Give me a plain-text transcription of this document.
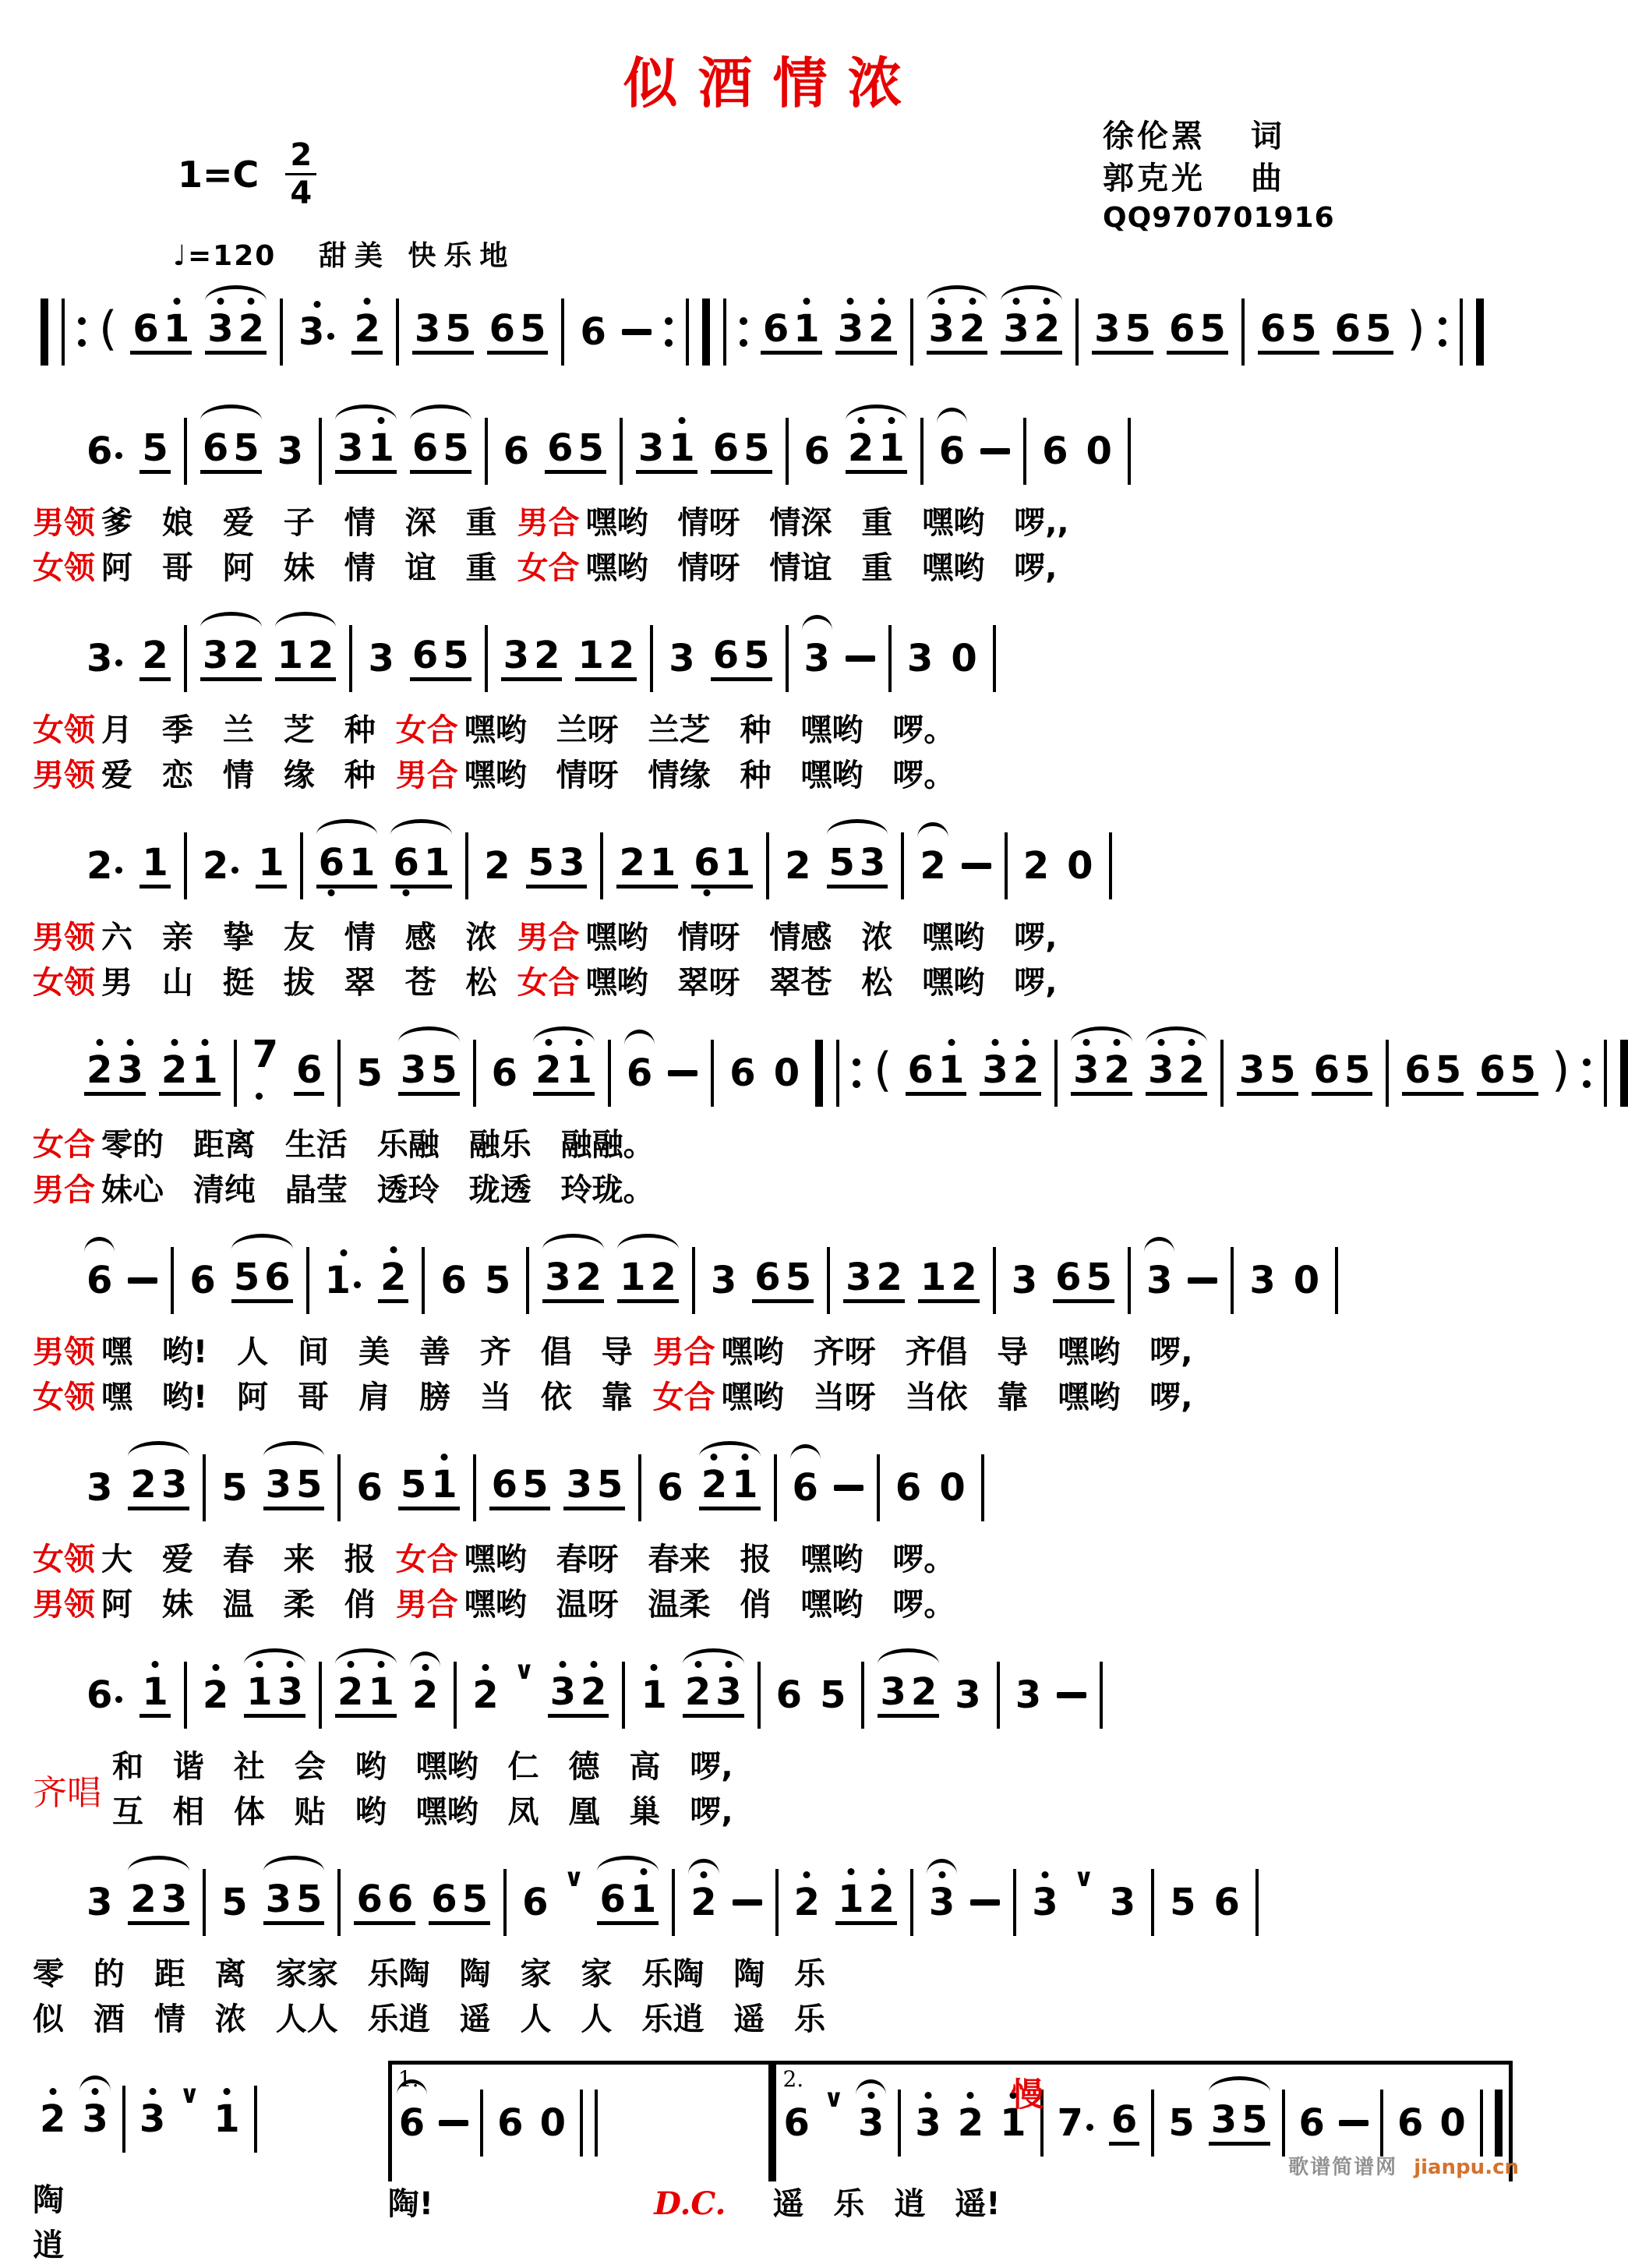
似酒情浓
$1=C \frac{2}{4}$
♩=120 甜美 快乐地
徐伦罴 词
郭克光 曲
QQ970701916
( 6 1 3 2 3 2 3 5 6 5 6	6 1 3 2 3 2 3 2 3 5 6 5 6 5 6 5 )
6 5 6 5 3 3 1 6 5 6 6 5 3 1 6 5 6 2 1 6 6 0
男领 爹 娘 爱 子 情 深 重 男合 嘿哟 情呀 情深 重 嘿哟 啰,,
女领 阿 哥 阿 妹 情 谊 重 女合 嘿哟 情呀 情谊 重 嘿哟 啰,
3 2 3 2 1 2 3 6 5 3 2 1 2 3 6 5 3 3 0
女领 月 季 兰 芝 种 女合 嘿哟 兰呀 兰芝 种 嘿哟 啰。
男领 爱 恋 情 缘 种 男合 嘿哟 情呀 情缘 种 嘿哟 啰。
2 1 2 1 6 1 6 1 2 5 3 2 1 6 1 2 5 3 2 2 0
男领 六 亲 挚 友 情 感 浓 男合 嘿哟 情呀 情感 浓 嘿哟 啰,
女领 男 山 挺 拔 翠 苍 松 女合 嘿哟 翠呀 翠苍 松 嘿哟 啰,
2 3 2 1 7 6 5 3 5 6 2 1 6 6 0 ( 6 1 3 2 3 2 3 2 3 5 6 5 6 5 6 5 )
女合 零的 距离 生活 乐融 融乐 融融。
男合 妹心 清纯 晶莹 透玲 珑透 玲珑。
6 6 5 6 1 2 6 5 3 2 1 2 3 6 5 3 2 1 2 3 6 5 3 3 0
男领 嘿 哟! 人 间 美 善 齐 倡 导 男合 嘿哟 齐呀 齐倡 导 嘿哟 啰,
女领 嘿 哟! 阿 哥 肩 膀 当 依 靠 女合 嘿哟 当呀 当依 靠 嘿哟 啰,
3 2 3 5 3 5 6 5 1 6 5 3 5 6 2 1 6 6 0
女领 大 爱 春 来 报 女合 嘿哟 春呀 春来 报 嘿哟 啰。
男领 阿 妹 温 柔 俏 男合 嘿哟 温呀 温柔 俏 嘿哟 啰。
6 1 2 1 3 2 1 2 2
∨ 3 2 1 2 3 6 5 3 2 3 3
齐唱
和 谐 社 会 哟 嘿哟 仁 德 高 啰,
互 相 体 贴 哟 嘿哟 凤 凰 巢 啰,
3 2 3 5 3 5 6 6 6 5 6
∨ 6 1 2 2 1 2 3 3
∨
3 5 6
零 的 距 离 家家 乐陶 陶 家 家 乐陶 陶 乐
似 酒 情 浓 人人 乐逍 遥 人 人 乐逍 遥 乐
2 3 3
∨
1
陶
逍
1.
6 6 0
陶!	D.C.
2.	慢
6
∨
3 3 2 1 7 6 5 3 5 6 6 0
遥 乐 逍 遥!
歌谱简谱网 jianpu.cn
